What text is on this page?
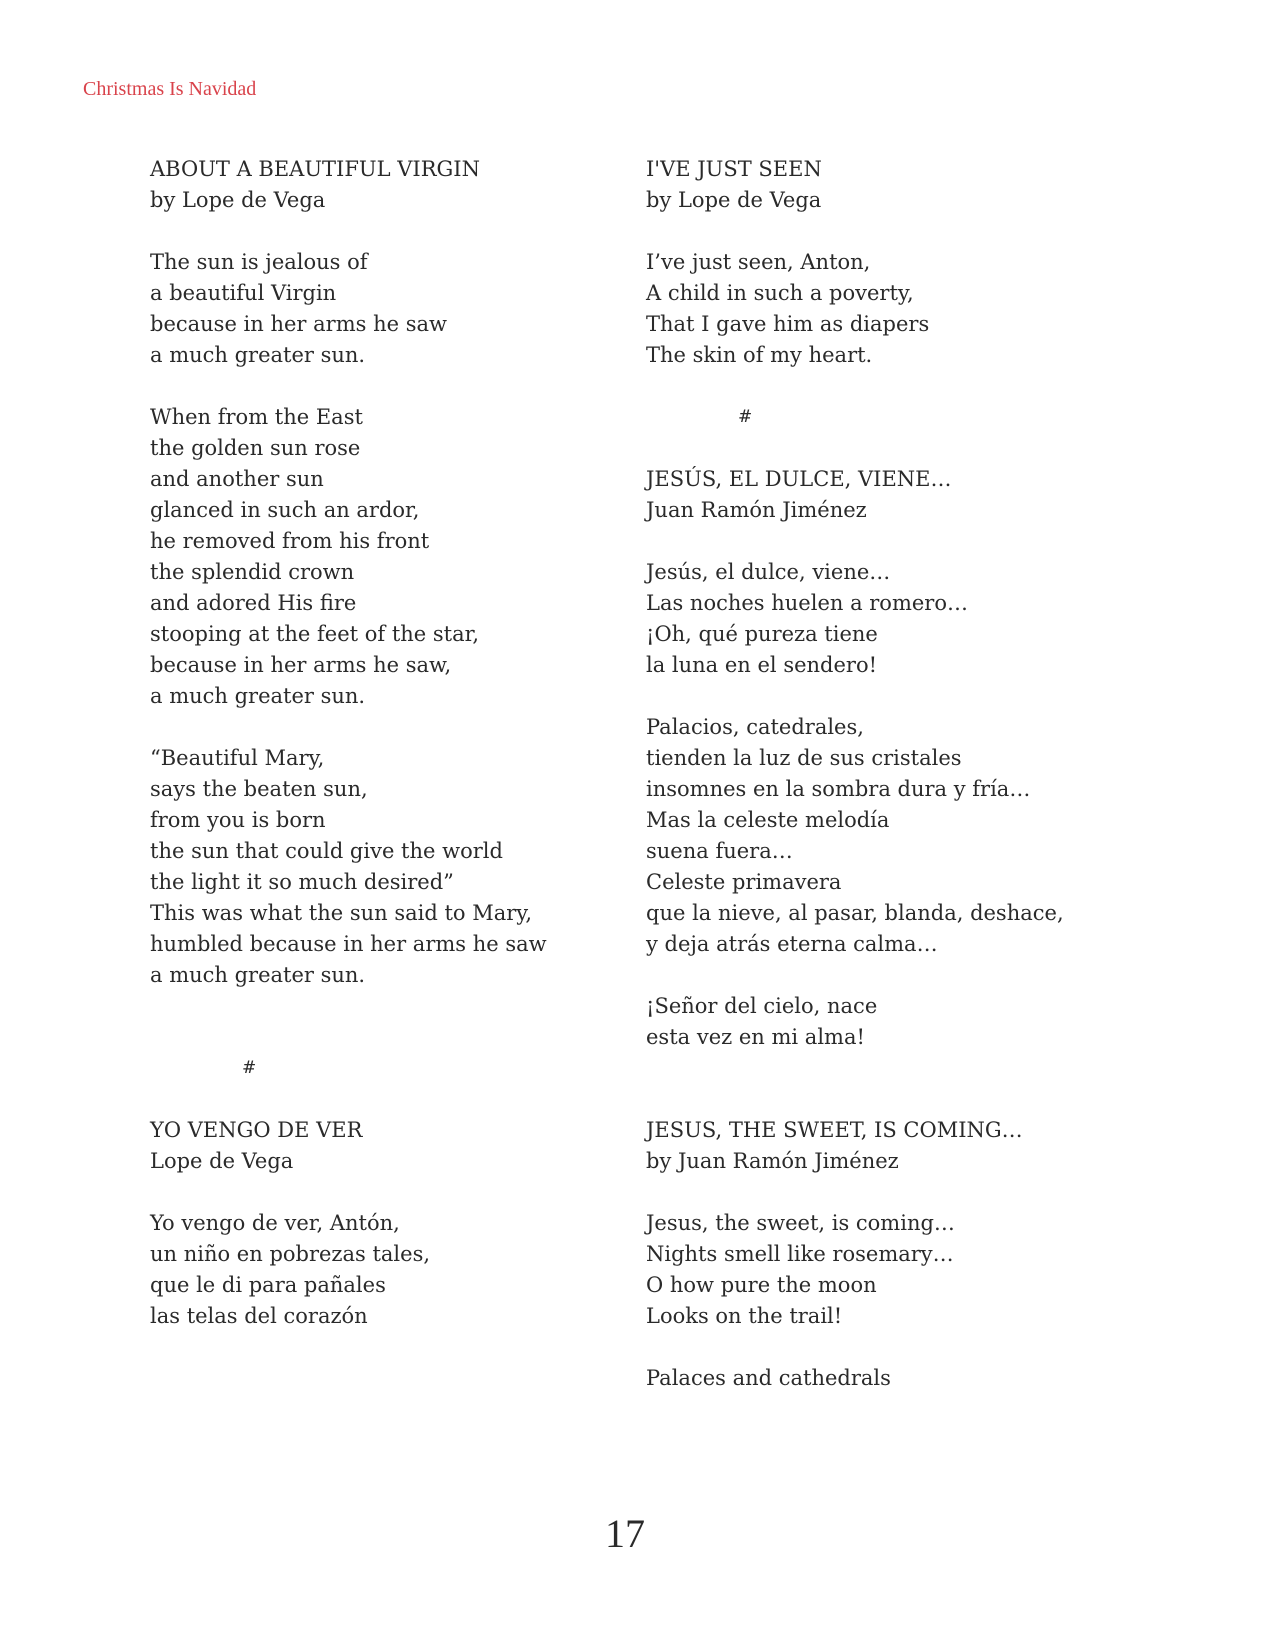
Christmas Is Navidad
ABOUT A BEAUTIFUL VIRGIN
by Lope de Vega
The sun is jealous of
a beautiful Virgin
because in her arms he saw
a much greater sun.
When from the East
the golden sun rose
and another sun
glanced in such an ardor,
he removed from his front
the splendid crown
and adored His fire
stooping at the feet of the star,
because in her arms he saw,
a much greater sun.
“Beautiful Mary,
says the beaten sun,
from you is born
the sun that could give the world
the light it so much desired”
This was what the sun said to Mary,
humbled because in her arms he saw
a much greater sun.
#
YO VENGO DE VER
Lope de Vega
Yo vengo de ver, Antón,
un niño en pobrezas tales,
que le di para pañales
las telas del corazón
I'VE JUST SEEN
by Lope de Vega
I’ve just seen, Anton,
A child in such a poverty,
That I gave him as diapers
The skin of my heart.
#
JESÚS, EL DULCE, VIENE…
Juan Ramón Jiménez
Jesús, el dulce, viene…
Las noches huelen a romero…
¡Oh, qué pureza tiene
la luna en el sendero!
Palacios, catedrales,
tienden la luz de sus cristales
insomnes en la sombra dura y fría…
Mas la celeste melodía
suena fuera…
Celeste primavera
que la nieve, al pasar, blanda, deshace,
y deja atrás eterna calma…
¡Señor del cielo, nace
esta vez en mi alma!
JESUS, THE SWEET, IS COMING…
by Juan Ramón Jiménez
Jesus, the sweet, is coming…
Nights smell like rosemary…
O how pure the moon
Looks on the trail!
Palaces and cathedrals
17
